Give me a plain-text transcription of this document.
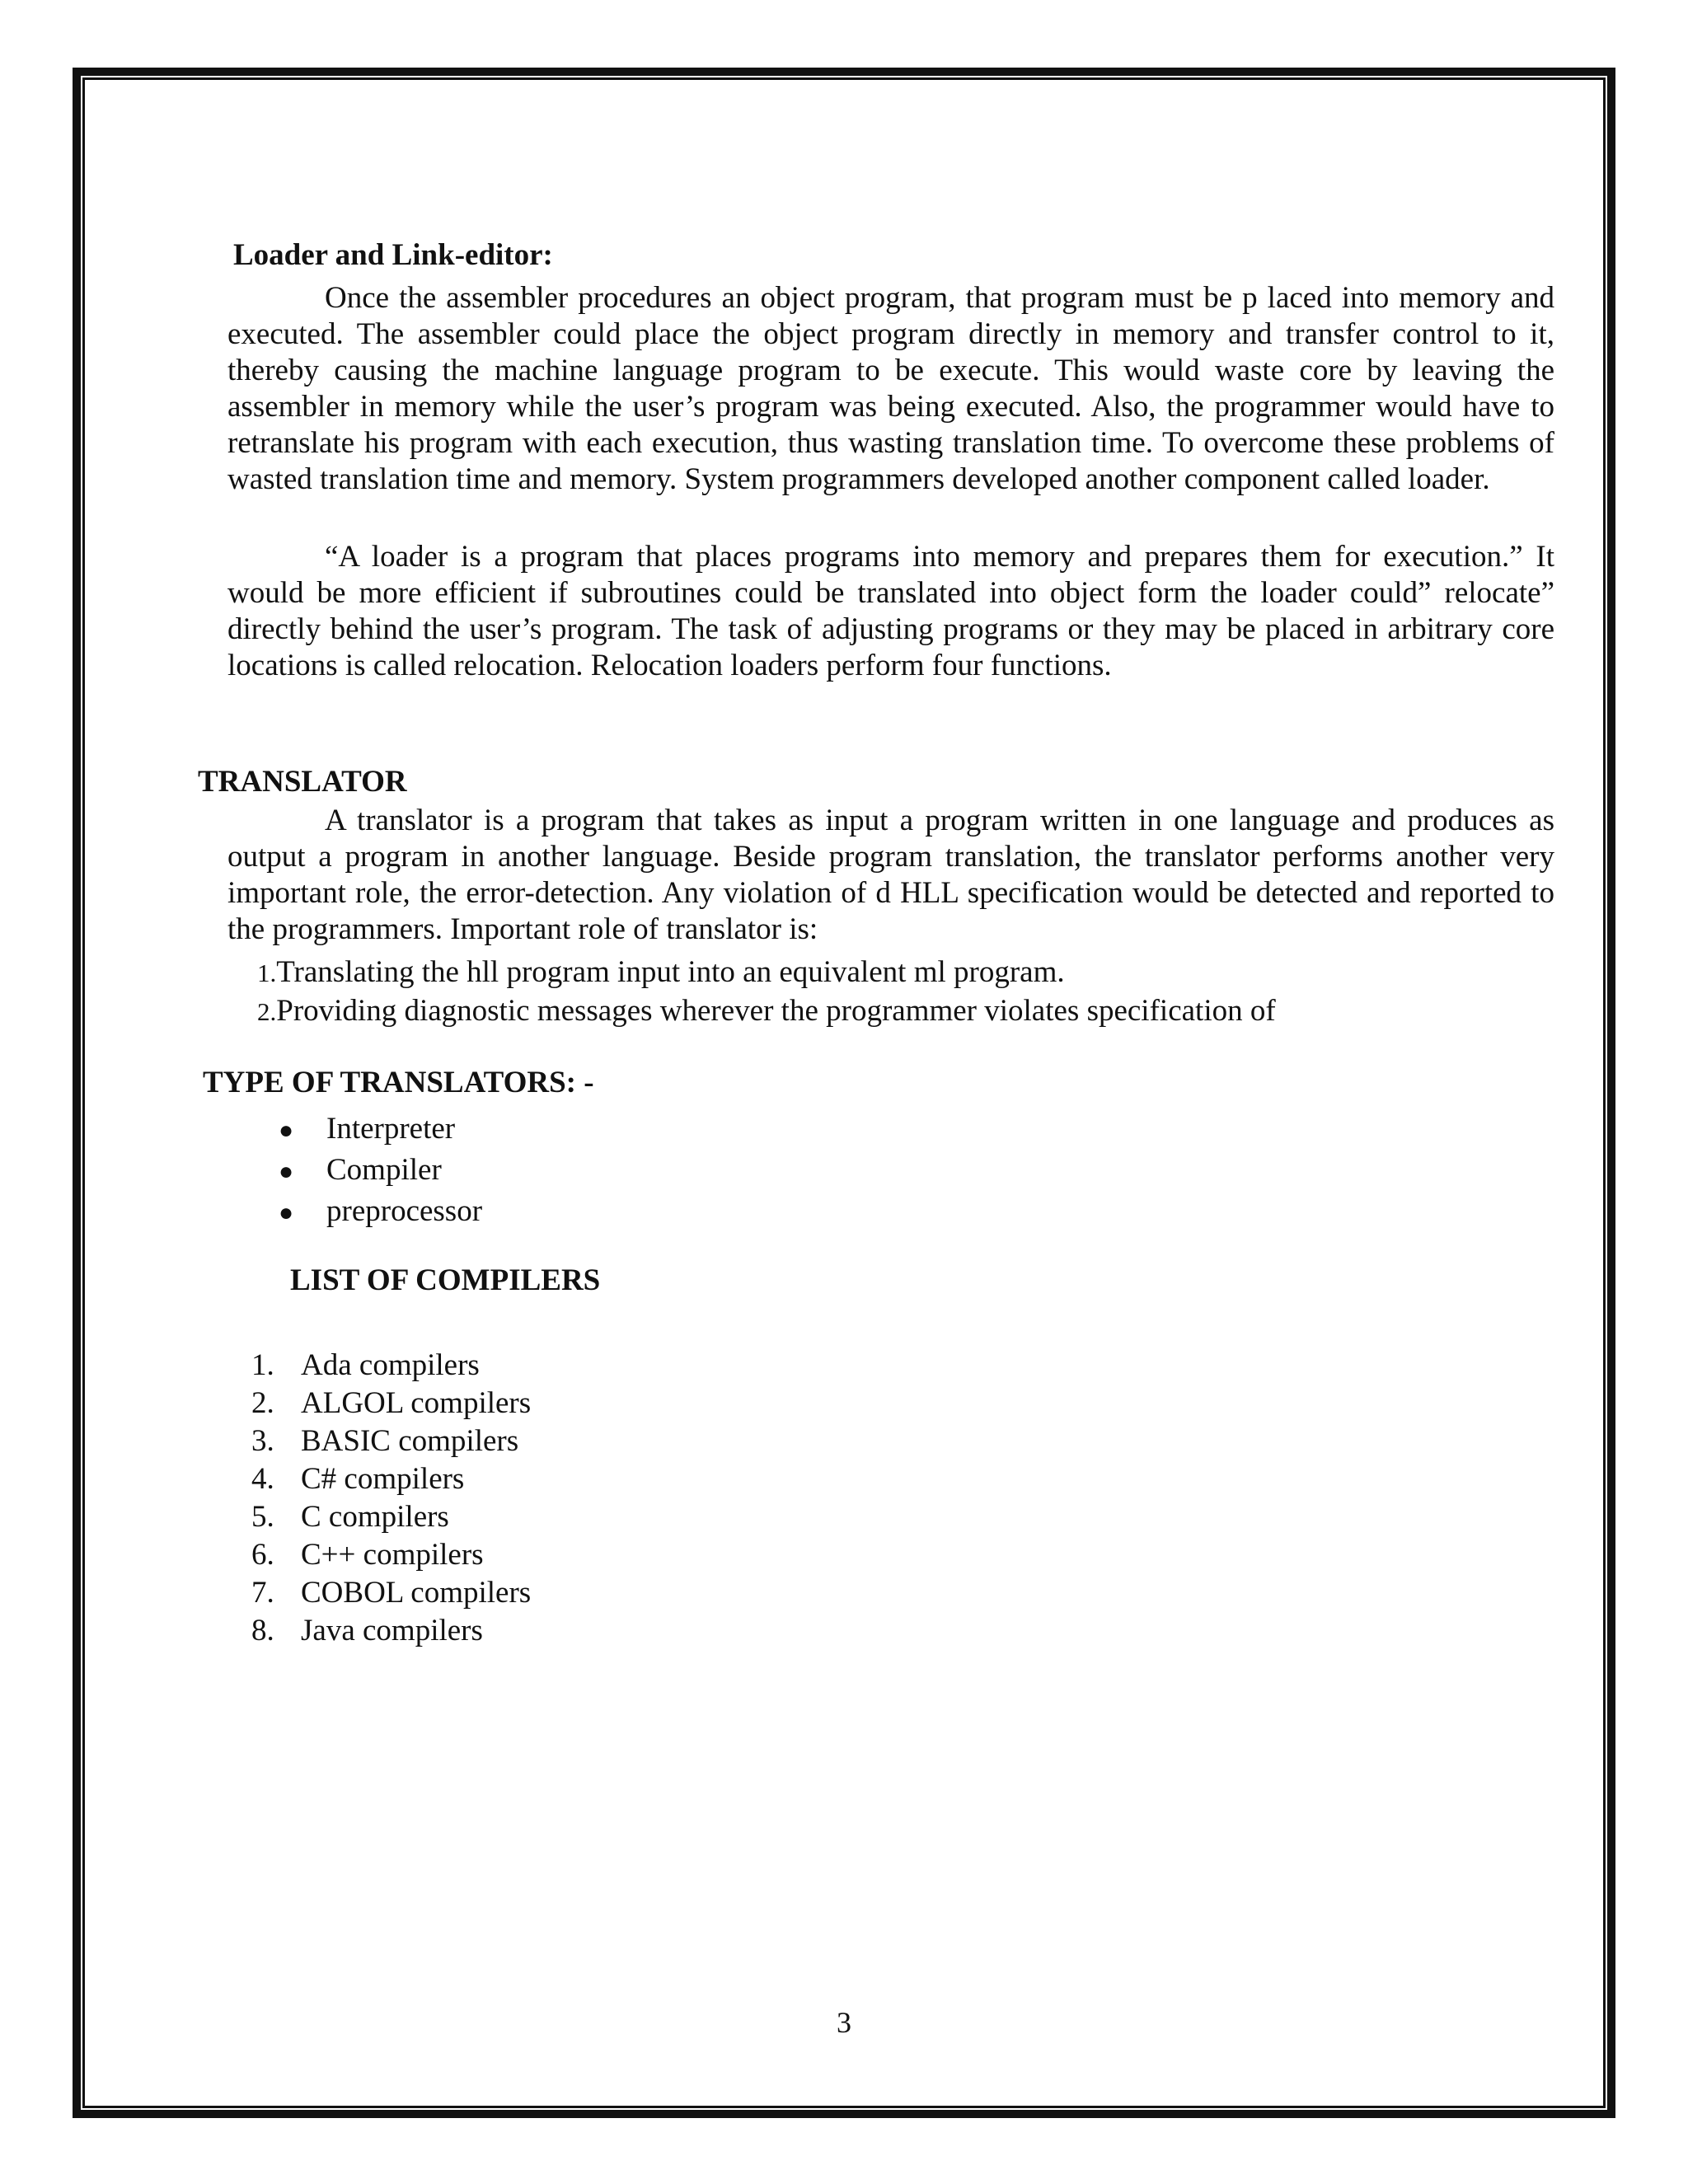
Loader and Link-editor:

Once the assembler procedures an object program, that program must be p laced into memory and executed. The assembler could place the object program directly in memory and transfer control to it, thereby causing the machine language program to be execute. This would waste core by leaving the assembler in memory while the user’s program was being executed. Also, the programmer would have to retranslate his program with each execution, thus wasting translation time. To overcome these problems of wasted translation time and memory. System programmers developed another component called loader.

“A loader is a program that places programs into memory and prepares them for execution.” It would be more efficient if subroutines could be translated into object form the loader could” relocate” directly behind the user’s program. The task of adjusting programs or they may be placed in arbitrary core locations is called relocation. Relocation loaders perform four functions.

TRANSLATOR

A translator is a program that takes as input a program written in one language and produces as output a program in another language. Beside program translation, the translator performs another very important role, the error-detection. Any violation of d HLL specification would be detected and reported to the programmers. Important role of translator is:

1.Translating the hll program input into an equivalent ml program.
2.Providing diagnostic messages wherever the programmer violates specification of
TYPE OF TRANSLATORS: -
● Interpreter
● Compiler
● preprocessor
LIST OF COMPILERS
1. Ada compilers
2. ALGOL compilers
3. BASIC compilers
4. C# compilers
5. C compilers
6. C++ compilers
7. COBOL compilers
8. Java compilers
3
